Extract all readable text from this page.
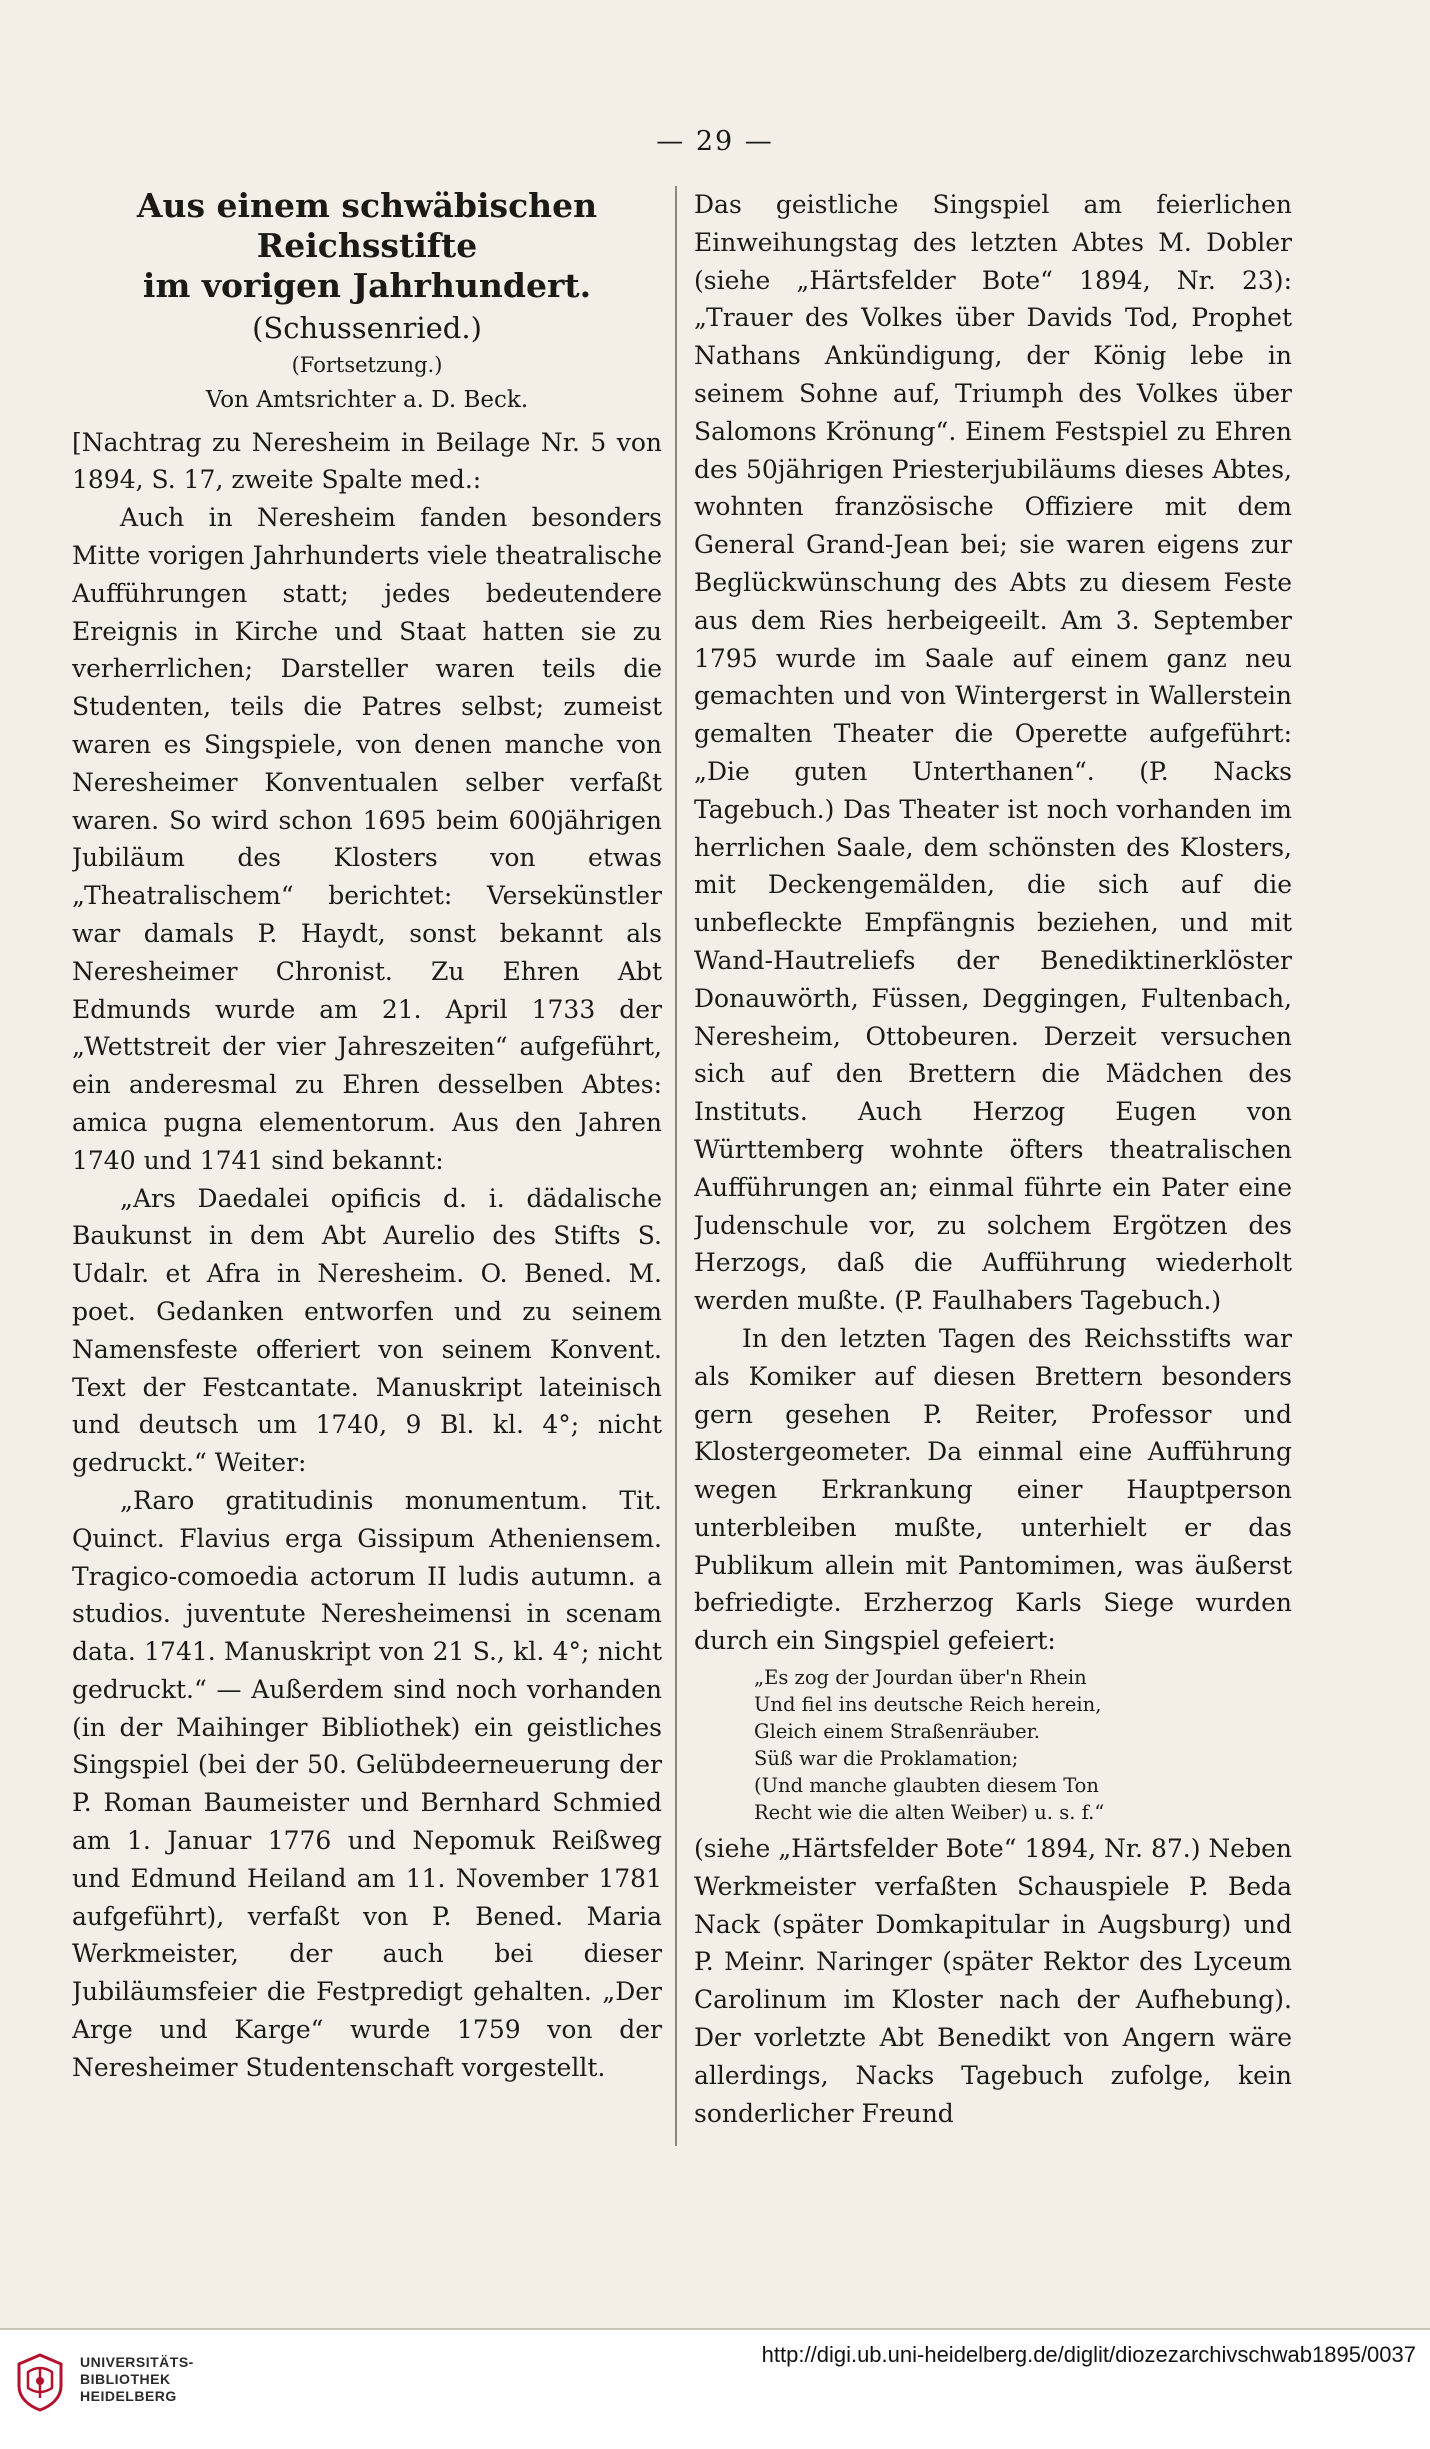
— 29 —

Aus einem schwäbischen Reichsstifte
im vorigen Jahrhundert.

(Schussenried.)

(Fortsetzung.)

Von Amtsrichter a. D. Beck.

[Nachtrag zu Neresheim in Beilage Nr. 5 von 1894, S. 17, zweite Spalte med.:

Auch in Neresheim fanden besonders Mitte vorigen Jahrhunderts viele theatralische Aufführungen statt; jedes bedeutendere Ereignis in Kirche und Staat hatten sie zu verherrlichen; Darsteller waren teils die Studenten, teils die Patres selbst; zumeist waren es Singspiele, von denen manche von Neresheimer Konventualen selber verfaßt waren. So wird schon 1695 beim 600jährigen Jubiläum des Klosters von etwas „Theatralischem“ berichtet: Versekünstler war damals P. Haydt, sonst bekannt als Neresheimer Chronist. Zu Ehren Abt Edmunds wurde am 21. April 1733 der „Wettstreit der vier Jahreszeiten“ aufgeführt, ein anderesmal zu Ehren desselben Abtes: amica pugna elementorum. Aus den Jahren 1740 und 1741 sind bekannt:

„Ars Daedalei opificis d. i. dädalische Baukunst in dem Abt Aurelio des Stifts S. Udalr. et Afra in Neresheim. O. Bened. M. poet. Gedanken entworfen und zu seinem Namensfeste offeriert von seinem Konvent. Text der Festcantate. Manuskript lateinisch und deutsch um 1740, 9 Bl. kl. 4°; nicht gedruckt.“ Weiter:

„Raro gratitudinis monumentum. Tit. Quinct. Flavius erga Gissipum Atheniensem. Tragico-comoedia actorum II ludis autumn. a studios. juventute Neresheimensi in scenam data. 1741. Manuskript von 21 S., kl. 4°; nicht gedruckt.“ — Außerdem sind noch vorhanden (in der Maihinger Bibliothek) ein geistliches Singspiel (bei der 50. Gelübdeerneuerung der P. Roman Baumeister und Bernhard Schmied am 1. Januar 1776 und Nepomuk Reißweg und Edmund Heiland am 11. November 1781 aufgeführt), verfaßt von P. Bened. Maria Werkmeister, der auch bei dieser Jubiläumsfeier die Festpredigt gehalten. „Der Arge und Karge“ wurde 1759 von der Neresheimer Studentenschaft vorgestellt.

Das geistliche Singspiel am feierlichen Einweihungstag des letzten Abtes M. Dobler (siehe „Härtsfelder Bote“ 1894, Nr. 23): „Trauer des Volkes über Davids Tod, Prophet Nathans Ankündigung, der König lebe in seinem Sohne auf, Triumph des Volkes über Salomons Krönung“. Einem Festspiel zu Ehren des 50jährigen Priesterjubiläums dieses Abtes, wohnten französische Offiziere mit dem General Grand-Jean bei; sie waren eigens zur Beglückwünschung des Abts zu diesem Feste aus dem Ries herbeigeeilt. Am 3. September 1795 wurde im Saale auf einem ganz neu gemachten und von Wintergerst in Wallerstein gemalten Theater die Operette aufgeführt: „Die guten Unterthanen“. (P. Nacks Tagebuch.) Das Theater ist noch vorhanden im herrlichen Saale, dem schönsten des Klosters, mit Deckengemälden, die sich auf die unbefleckte Empfängnis beziehen, und mit Wand-Hautreliefs der Benediktinerklöster Donauwörth, Füssen, Deggingen, Fultenbach, Neresheim, Ottobeuren. Derzeit versuchen sich auf den Brettern die Mädchen des Instituts. Auch Herzog Eugen von Württemberg wohnte öfters theatralischen Aufführungen an; einmal führte ein Pater eine Judenschule vor, zu solchem Ergötzen des Herzogs, daß die Aufführung wiederholt werden mußte. (P. Faulhabers Tagebuch.)

In den letzten Tagen des Reichsstifts war als Komiker auf diesen Brettern besonders gern gesehen P. Reiter, Professor und Klostergeometer. Da einmal eine Aufführung wegen Erkrankung einer Hauptperson unterbleiben mußte, unterhielt er das Publikum allein mit Pantomimen, was äußerst befriedigte. Erzherzog Karls Siege wurden durch ein Singspiel gefeiert:

„Es zog der Jourdan über'n Rhein
Und fiel ins deutsche Reich herein,
Gleich einem Straßenräuber.
Süß war die Proklamation;
(Und manche glaubten diesem Ton
Recht wie die alten Weiber) u. s. f.“

(siehe „Härtsfelder Bote“ 1894, Nr. 87.) Neben Werkmeister verfaßten Schauspiele P. Beda Nack (später Domkapitular in Augsburg) und P. Meinr. Naringer (später Rektor des Lyceum Carolinum im Kloster nach der Aufhebung). Der vorletzte Abt Benedikt von Angern wäre allerdings, Nacks Tagebuch zufolge, kein sonderlicher Freund

UNIVERSITÄTS-
BIBLIOTHEK
HEIDELBERG
http://digi.ub.uni-heidelberg.de/diglit/diozezarchivschwab1895/0037
